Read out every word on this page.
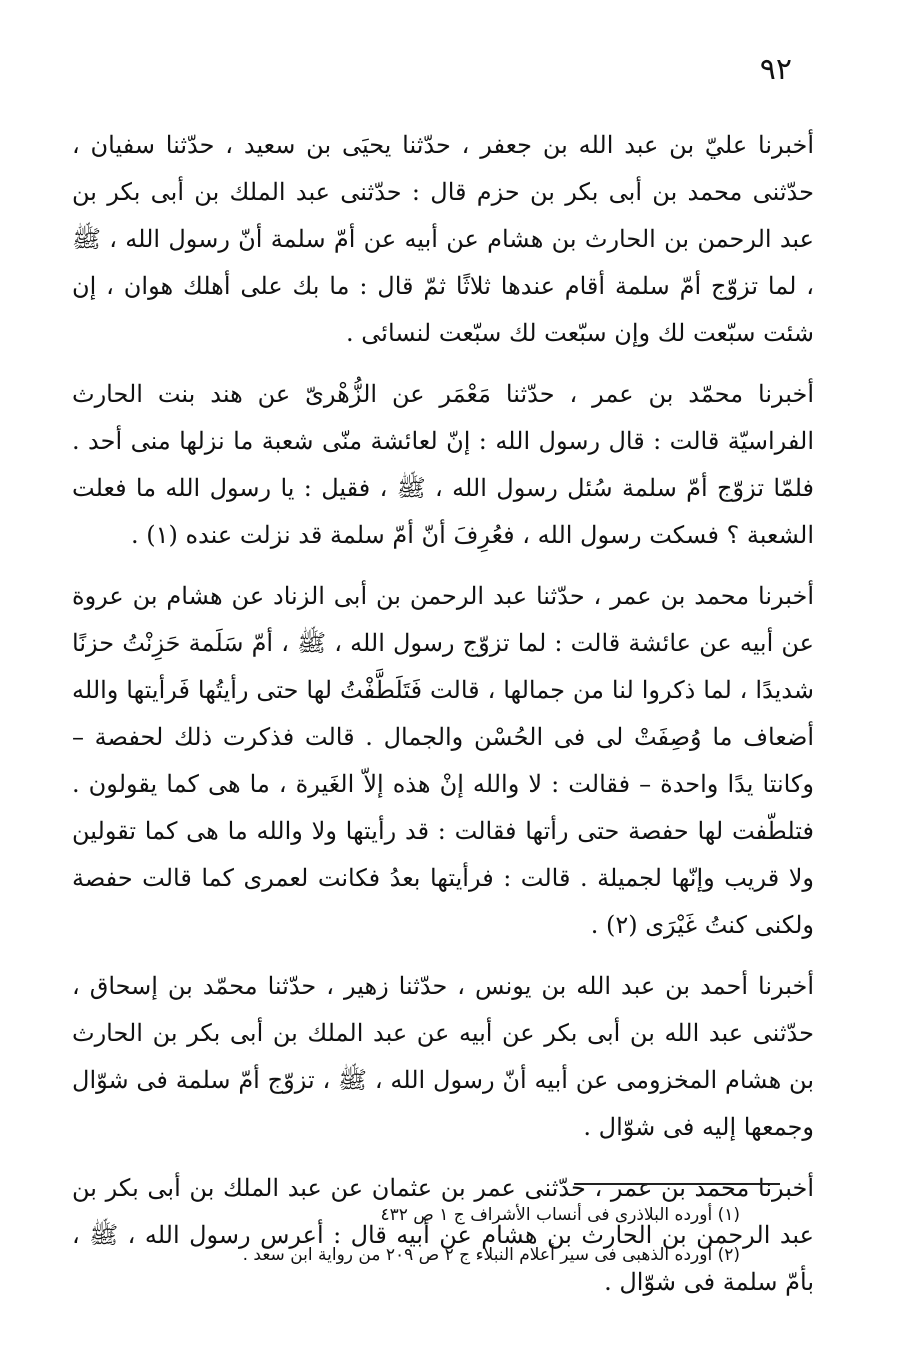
٩٢

أخبرنا عليّ بن عبد الله بن جعفر ، حدّثنا يحيَى بن سعيد ، حدّثنا سفيان ، حدّثنى محمد بن أبى بكر بن حزم قال : حدّثنى عبد الملك بن أبى بكر بن عبد الرحمن بن الحارث بن هشام عن أبيه عن أمّ سلمة أنّ رسول الله ، ﷺ ، لما تزوّج أمّ سلمة أقام عندها ثلاثًا ثمّ قال : ما بك على أهلك هوان ، إن شئت سبّعت لك وإن سبّعت لك سبّعت لنسائى .

أخبرنا محمّد بن عمر ، حدّثنا مَعْمَر عن الزُّهْرىّ عن هند بنت الحارث الفراسيّة قالت : قال رسول الله : إنّ لعائشة منّى شعبة ما نزلها منى أحد . فلمّا تزوّج أمّ سلمة سُئل رسول الله ، ﷺ ، فقيل : يا رسول الله ما فعلت الشعبة ؟ فسكت رسول الله ، فعُرِفَ أنّ أمّ سلمة قد نزلت عنده (١) .

أخبرنا محمد بن عمر ، حدّثنا عبد الرحمن بن أبى الزناد عن هشام بن عروة عن أبيه عن عائشة قالت : لما تزوّج رسول الله ، ﷺ ، أمّ سَلَمة حَزِنْتُ حزنًا شديدًا ، لما ذكروا لنا من جمالها ، قالت فَتَلَطَّفْتُ لها حتى رأيتُها فَرأيتها والله أضعاف ما وُصِفَتْ لى فى الحُسْن والجمال . قالت فذكرت ذلك لحفصة – وكانتا يدًا واحدة – فقالت : لا والله إنْ هذه إلاّ الغَيرة ، ما هى كما يقولون . فتلطّفت لها حفصة حتى رأتها فقالت : قد رأيتها ولا والله ما هى كما تقولين ولا قريب وإنّها لجميلة . قالت : فرأيتها بعدُ فكانت لعمرى كما قالت حفصة ولكنى كنتُ غَيْرَى (٢) .

أخبرنا أحمد بن عبد الله بن يونس ، حدّثنا زهير ، حدّثنا محمّد بن إسحاق ، حدّثنى عبد الله بن أبى بكر عن أبيه عن عبد الملك بن أبى بكر بن الحارث بن هشام المخزومى عن أبيه أنّ رسول الله ، ﷺ ، تزوّج أمّ سلمة فى شوّال وجمعها إليه فى شوّال .

أخبرنا محمد بن عمر ، حدّثنى عمر بن عثمان عن عبد الملك بن أبى بكر بن عبد الرحمن بن الحارث بن هشام عن أبيه قال : أعرس رسول الله ، ﷺ ، بأمّ سلمة فى شوّال .

(١) أورده البلاذرى فى أنساب الأشراف ج ١ ص ٤٣٢

(٢) أورده الذهبى فى سير أعلام النبلاء ج ٢ ص ٢٠٩ من رواية ابن سعد .
